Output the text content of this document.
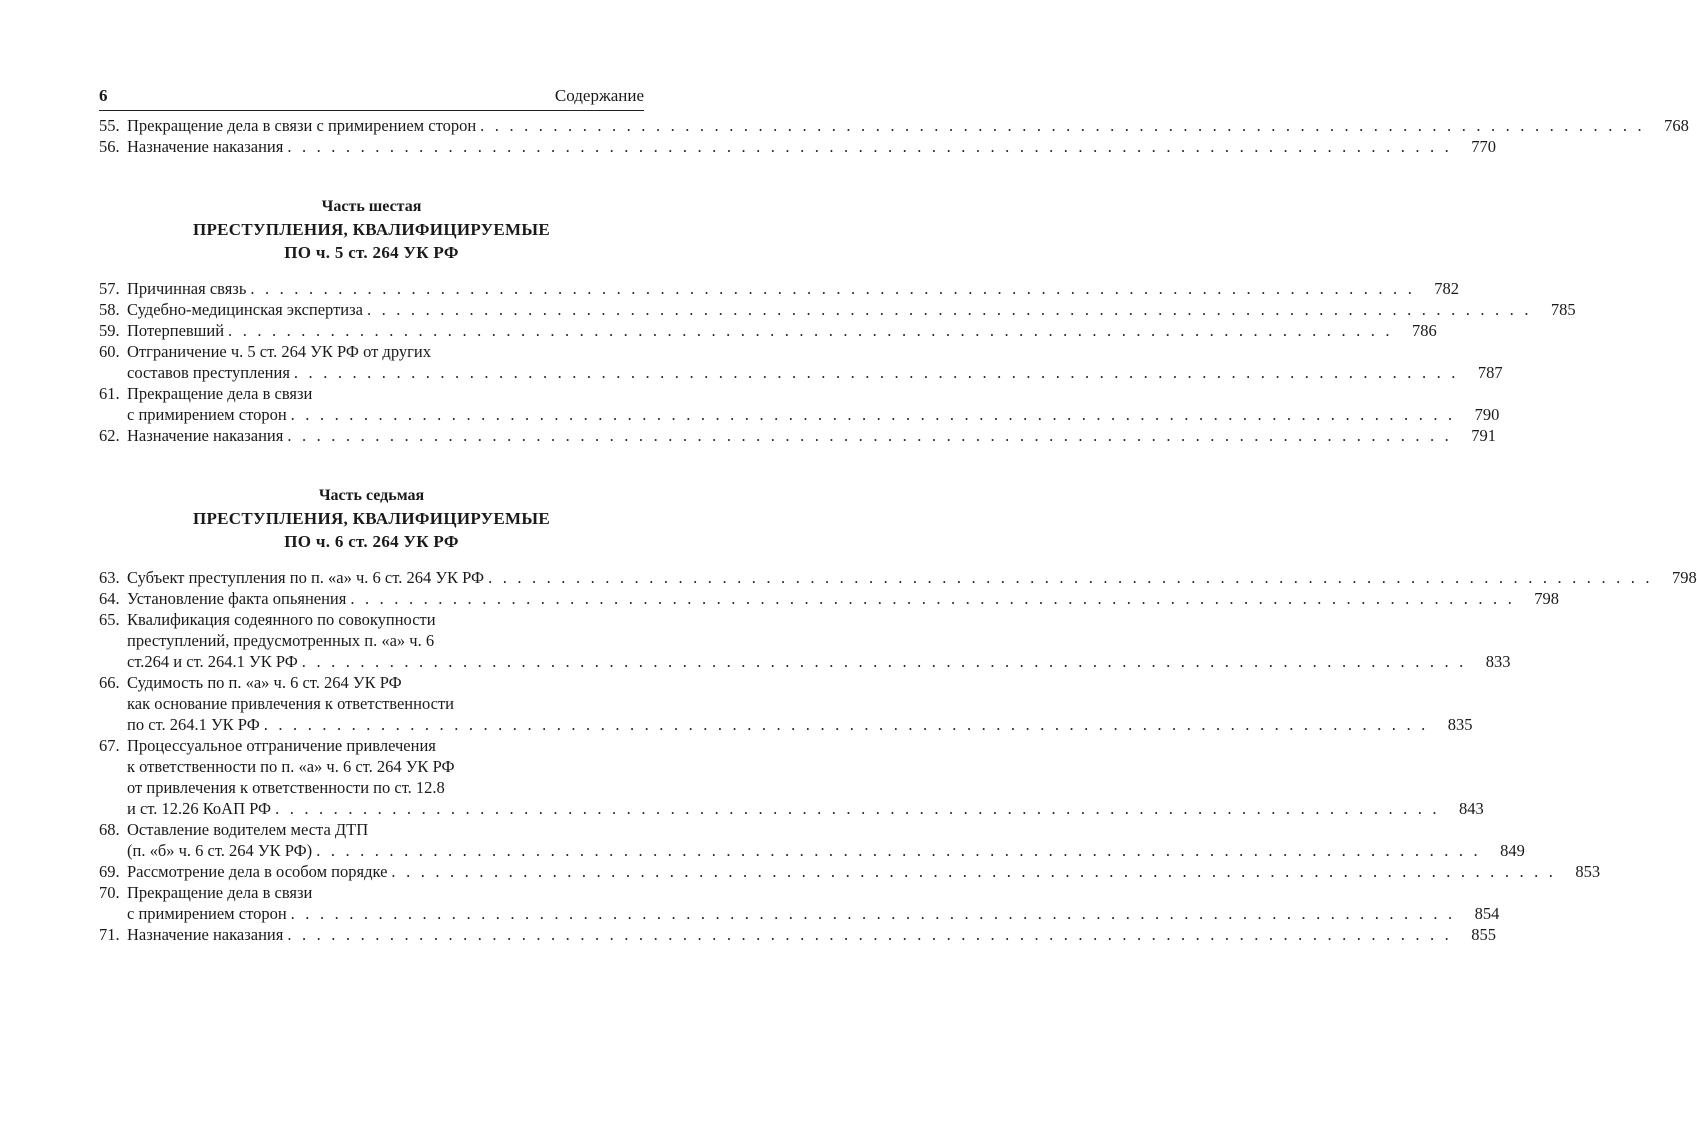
6	Содержание
55. Прекращение дела в связи с примирением сторон . . . . . . . . . . . . . . . . . . . . . . . . . . . . . . . . . . . . . . . . . . . . . . . . . . . . . . . . . . . . . . . . . . . . . . . . . . . . . . . .	768
56. Назначение наказания . . . . . . . . . . . . . . . . . . . . . . . . . . . . . . . . . . . . . . . . . . . . . . . . . . . . . . . . . . . . . . . . . . . . . . . . . . . . . . . .	770
Часть шестая
ПРЕСТУПЛЕНИЯ, КВАЛИФИЦИРУЕМЫЕ
ПО ч. 5 ст. 264 УК РФ
57. Причинная связь . . . . . . . . . . . . . . . . . . . . . . . . . . . . . . . . . . . . . . . . . . . . . . . . . . . . . . . . . . . . . . . . . . . . . . . . . . . . . . . .	782
58. Судебно-медицинская экспертиза . . . . . . . . . . . . . . . . . . . . . . . . . . . . . . . . . . . . . . . . . . . . . . . . . . . . . . . . . . . . . . . . . . . . . . . . . . . . . . . .	785
59. Потерпевший . . . . . . . . . . . . . . . . . . . . . . . . . . . . . . . . . . . . . . . . . . . . . . . . . . . . . . . . . . . . . . . . . . . . . . . . . . . . . . . .	786
60. Отграничение ч. 5 ст. 264 УК РФ от других
составов преступления . . . . . . . . . . . . . . . . . . . . . . . . . . . . . . . . . . . . . . . . . . . . . . . . . . . . . . . . . . . . . . . . . . . . . . . . . . . . . . . .	787
61. Прекращение дела в связи
с примирением сторон . . . . . . . . . . . . . . . . . . . . . . . . . . . . . . . . . . . . . . . . . . . . . . . . . . . . . . . . . . . . . . . . . . . . . . . . . . . . . . . .	790
62. Назначение наказания . . . . . . . . . . . . . . . . . . . . . . . . . . . . . . . . . . . . . . . . . . . . . . . . . . . . . . . . . . . . . . . . . . . . . . . . . . . . . . . .	791
Часть седьмая
ПРЕСТУПЛЕНИЯ, КВАЛИФИЦИРУЕМЫЕ
ПО ч. 6 ст. 264 УК РФ
63. Субъект преступления по п. «а» ч. 6 ст. 264 УК РФ . . . . . . . . . . . . . . . . . . . . . . . . . . . . . . . . . . . . . . . . . . . . . . . . . . . . . . . . . . . . . . . . . . . . . . . . . . . . . . . .	798
64. Установление факта опьянения . . . . . . . . . . . . . . . . . . . . . . . . . . . . . . . . . . . . . . . . . . . . . . . . . . . . . . . . . . . . . . . . . . . . . . . . . . . . . . . .	798
65. Квалификация содеянного по совокупности
преступлений, предусмотренных п. «а» ч. 6
ст.264 и ст. 264.1 УК РФ . . . . . . . . . . . . . . . . . . . . . . . . . . . . . . . . . . . . . . . . . . . . . . . . . . . . . . . . . . . . . . . . . . . . . . . . . . . . . . . .	833
66. Судимость по п. «а» ч. 6 ст. 264 УК РФ
как основание привлечения к ответственности
по ст. 264.1 УК РФ . . . . . . . . . . . . . . . . . . . . . . . . . . . . . . . . . . . . . . . . . . . . . . . . . . . . . . . . . . . . . . . . . . . . . . . . . . . . . . . .	835
67. Процессуальное отграничение привлечения
к ответственности по п. «а» ч. 6 ст. 264 УК РФ
от привлечения к ответственности по ст. 12.8
и ст. 12.26 КоАП РФ . . . . . . . . . . . . . . . . . . . . . . . . . . . . . . . . . . . . . . . . . . . . . . . . . . . . . . . . . . . . . . . . . . . . . . . . . . . . . . . .	843
68. Оставление водителем места ДТП
(п. «б» ч. 6 ст. 264 УК РФ) . . . . . . . . . . . . . . . . . . . . . . . . . . . . . . . . . . . . . . . . . . . . . . . . . . . . . . . . . . . . . . . . . . . . . . . . . . . . . . . .	849
69. Рассмотрение дела в особом порядке . . . . . . . . . . . . . . . . . . . . . . . . . . . . . . . . . . . . . . . . . . . . . . . . . . . . . . . . . . . . . . . . . . . . . . . . . . . . . . . .	853
70. Прекращение дела в связи
с примирением сторон . . . . . . . . . . . . . . . . . . . . . . . . . . . . . . . . . . . . . . . . . . . . . . . . . . . . . . . . . . . . . . . . . . . . . . . . . . . . . . . .	854
71. Назначение наказания . . . . . . . . . . . . . . . . . . . . . . . . . . . . . . . . . . . . . . . . . . . . . . . . . . . . . . . . . . . . . . . . . . . . . . . . . . . . . . . .	855
